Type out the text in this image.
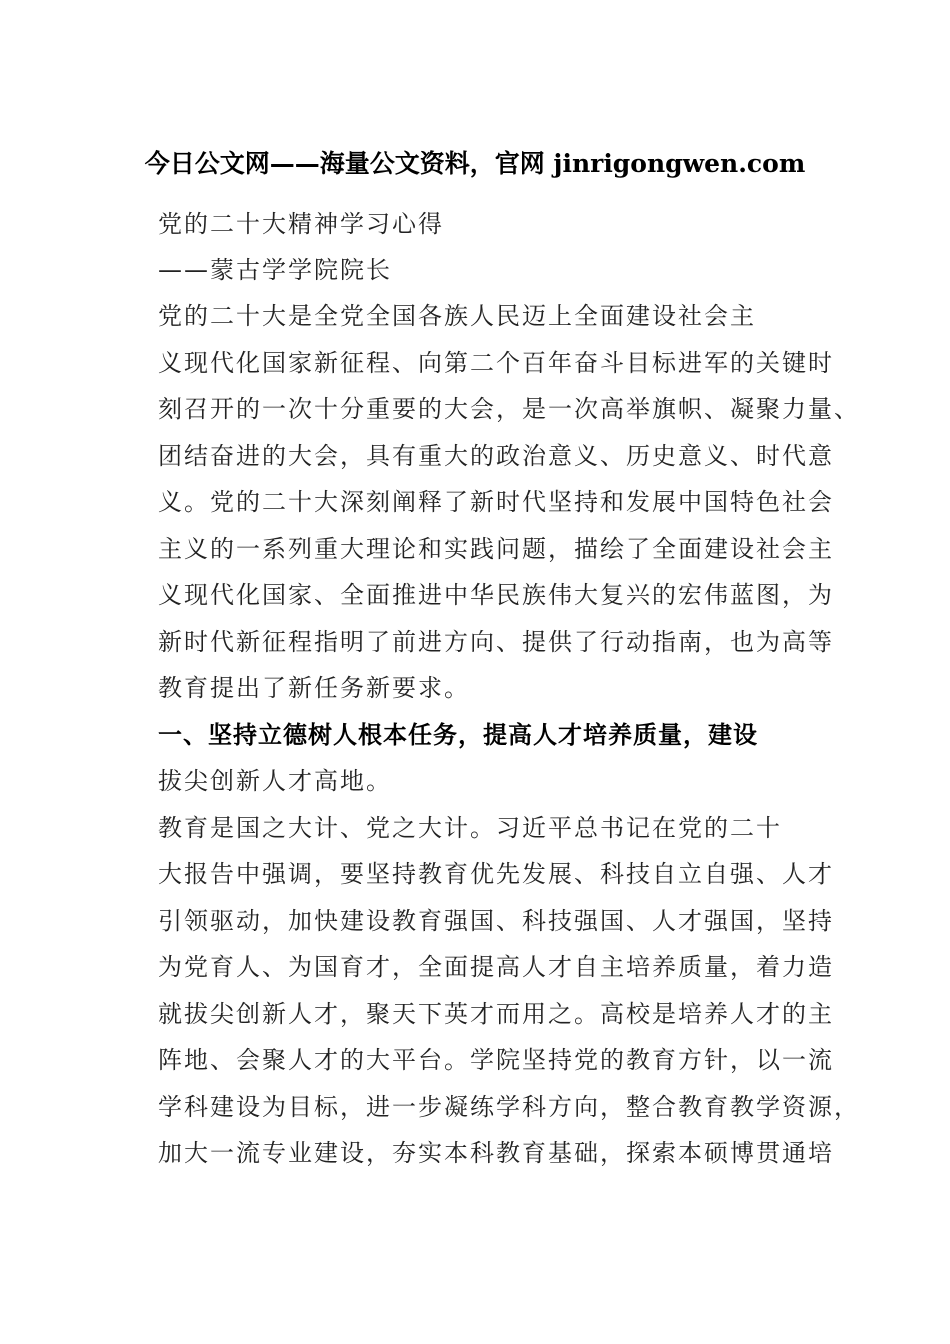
今日公文网——海量公文资料，官网 jinrigongwen.com
党的二十大精神学习心得
——蒙古学学院院长
党的二十大是全党全国各族人民迈上全面建设社会主
义现代化国家新征程、向第二个百年奋斗目标进军的关键时
刻召开的一次十分重要的大会，是一次高举旗帜、凝聚力量、
团结奋进的大会，具有重大的政治意义、历史意义、时代意
义。党的二十大深刻阐释了新时代坚持和发展中国特色社会
主义的一系列重大理论和实践问题，描绘了全面建设社会主
义现代化国家、全面推进中华民族伟大复兴的宏伟蓝图，为
新时代新征程指明了前进方向、提供了行动指南，也为高等
教育提出了新任务新要求。
一、坚持立德树人根本任务，提高人才培养质量，建设
拔尖创新人才高地。
教育是国之大计、党之大计。习近平总书记在党的二十
大报告中强调，要坚持教育优先发展、科技自立自强、人才
引领驱动，加快建设教育强国、科技强国、人才强国，坚持
为党育人、为国育才，全面提高人才自主培养质量，着力造
就拔尖创新人才，聚天下英才而用之。高校是培养人才的主
阵地、会聚人才的大平台。学院坚持党的教育方针，以一流
学科建设为目标，进一步凝练学科方向，整合教育教学资源，
加大一流专业建设，夯实本科教育基础，探索本硕博贯通培
